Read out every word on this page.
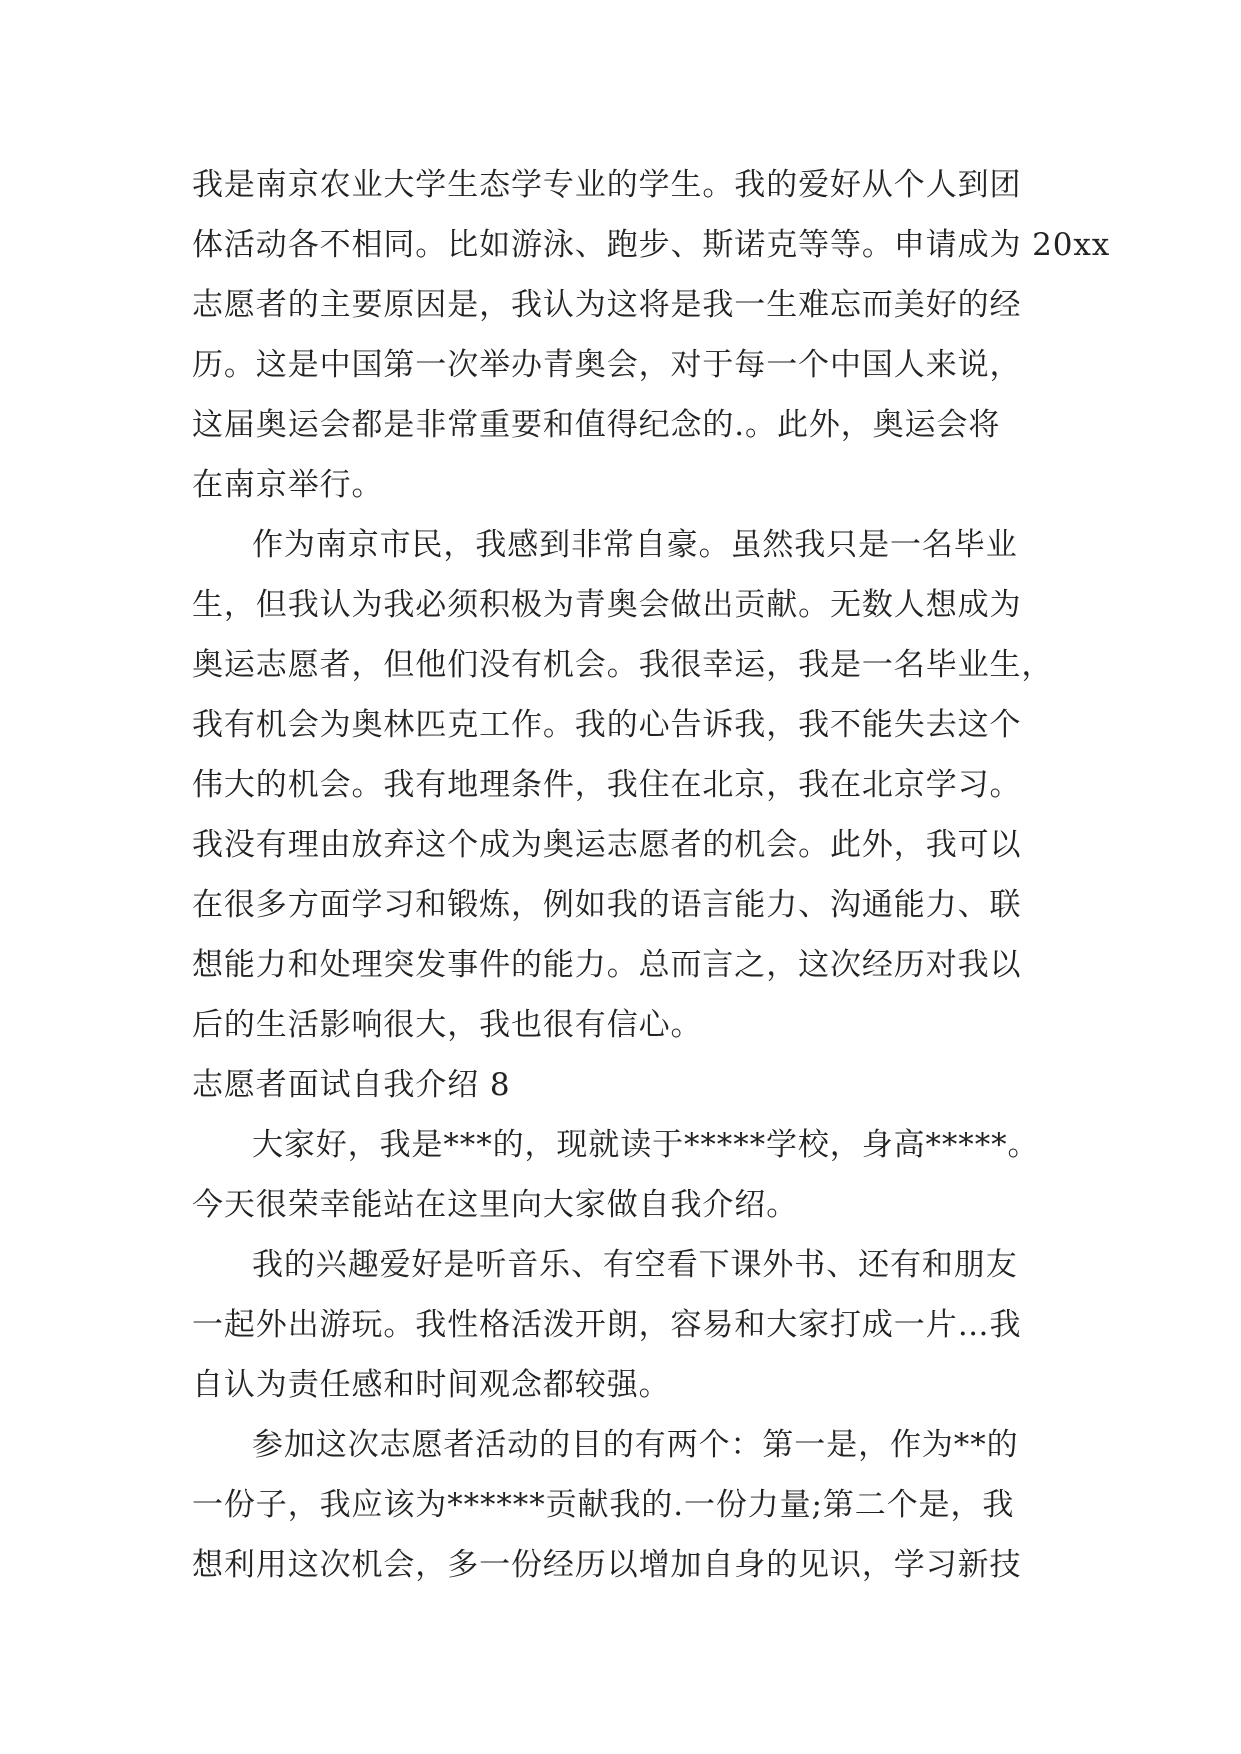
我是南京农业大学生态学专业的学生。我的爱好从个人到团
体活动各不相同。比如游泳、跑步、斯诺克等等。申请成为 20xx
志愿者的主要原因是，我认为这将是我一生难忘而美好的经
历。这是中国第一次举办青奥会，对于每一个中国人来说，
这届奥运会都是非常重要和值得纪念的.。此外，奥运会将
在南京举行。
作为南京市民，我感到非常自豪。虽然我只是一名毕业
生，但我认为我必须积极为青奥会做出贡献。无数人想成为
奥运志愿者，但他们没有机会。我很幸运，我是一名毕业生，
我有机会为奥林匹克工作。我的心告诉我，我不能失去这个
伟大的机会。我有地理条件，我住在北京，我在北京学习。
我没有理由放弃这个成为奥运志愿者的机会。此外，我可以
在很多方面学习和锻炼，例如我的语言能力、沟通能力、联
想能力和处理突发事件的能力。总而言之，这次经历对我以
后的生活影响很大，我也很有信心。
志愿者面试自我介绍 8
大家好，我是***的，现就读于*****学校，身高*****。
今天很荣幸能站在这里向大家做自我介绍。
我的兴趣爱好是听音乐、有空看下课外书、还有和朋友
一起外出游玩。我性格活泼开朗，容易和大家打成一片…我
自认为责任感和时间观念都较强。
参加这次志愿者活动的目的有两个：第一是，作为**的
一份子，我应该为******贡献我的.一份力量;第二个是，我
想利用这次机会，多一份经历以增加自身的见识，学习新技
